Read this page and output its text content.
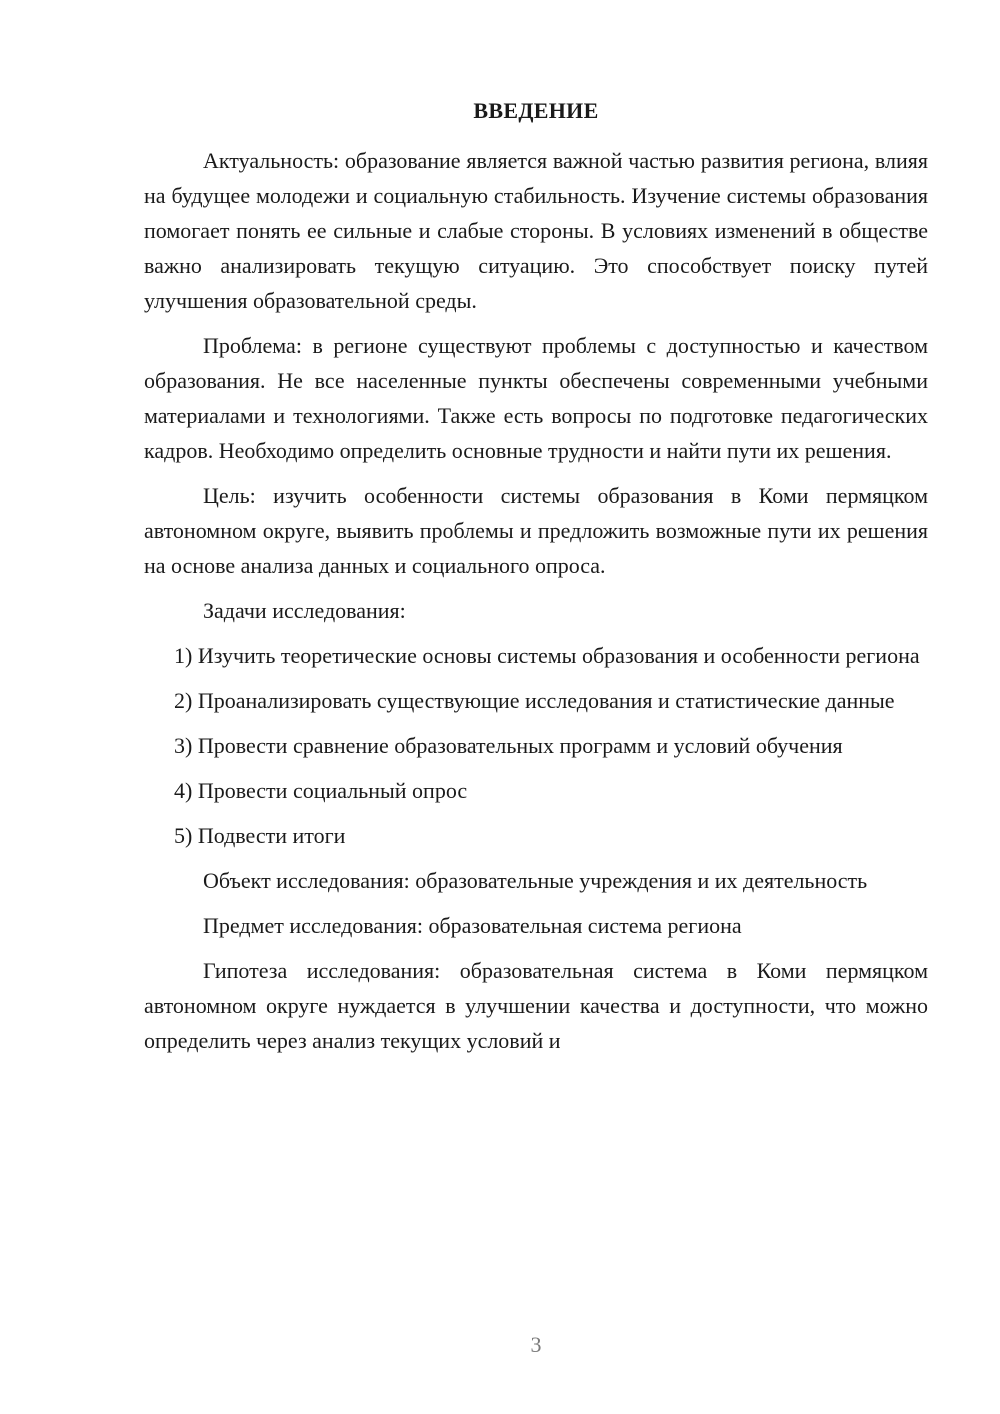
ВВЕДЕНИЕ

Актуальность: образование является важной частью развития региона, влияя на будущее молодежи и социальную стабильность. Изучение системы образования помогает понять ее сильные и слабые стороны. В условиях изменений в обществе важно анализировать текущую ситуацию. Это способствует поиску путей улучшения образовательной среды.

Проблема: в регионе существуют проблемы с доступностью и качеством образования. Не все населенные пункты обеспечены современными учебными материалами и технологиями. Также есть вопросы по подготовке педагогических кадров. Необходимо определить основные трудности и найти пути их решения.

Цель: изучить особенности системы образования в Коми пермяцком автономном округе, выявить проблемы и предложить возможные пути их решения на основе анализа данных и социального опроса.

Задачи исследования:

1) Изучить теоретические основы системы образования и особенности региона

2) Проанализировать существующие исследования и статистические данные

3) Провести сравнение образовательных программ и условий обучения

4) Провести социальный опрос

5) Подвести итоги

Объект исследования: образовательные учреждения и их деятельность

Предмет исследования: образовательная система региона

Гипотеза исследования: образовательная система в Коми пермяцком автономном округе нуждается в улучшении качества и доступности, что можно определить через анализ текущих условий и

3
